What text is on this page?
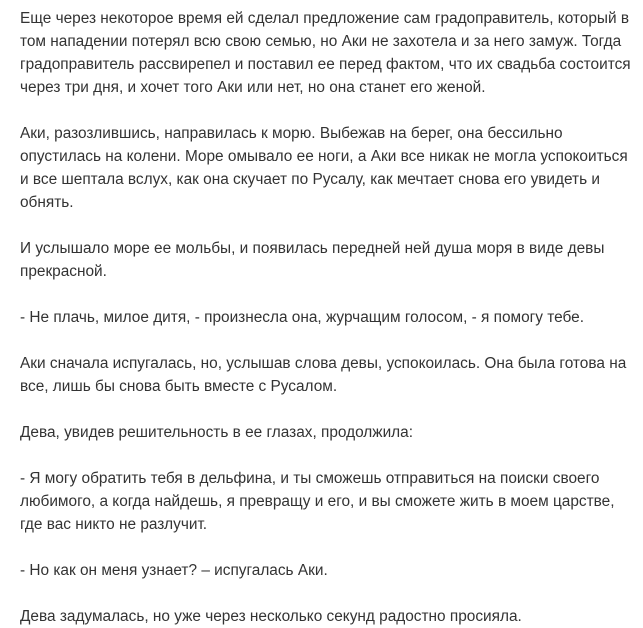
Еще через некоторое время ей сделал предложение сам градоправитель, который в том нападении потерял всю свою семью, но Аки не захотела и за него замуж. Тогда градоправитель рассвирепел и поставил ее перед фактом, что их свадьба состоится через три дня, и хочет того Аки или нет, но она станет его женой.

Аки, разозлившись, направилась к морю. Выбежав на берег, она бессильно опустилась на колени. Море омывало ее ноги, а Аки все никак не могла успокоиться и все шептала вслух, как она скучает по Русалу, как мечтает снова его увидеть и обнять.

И услышало море ее мольбы, и появилась передней ней душа моря в виде девы прекрасной.

- Не плачь, милое дитя, - произнесла она, журчащим голосом, - я помогу тебе.

Аки сначала испугалась, но, услышав слова девы, успокоилась. Она была готова на все, лишь бы снова быть вместе с Русалом.

Дева, увидев решительность в ее глазах, продолжила:

- Я могу обратить тебя в дельфина, и ты сможешь отправиться на поиски своего любимого, а когда найдешь, я превращу и его, и вы сможете жить в моем царстве, где вас никто не разлучит.

- Но как он меня узнает? – испугалась Аки.

Дева задумалась, но уже через несколько секунд радостно просияла.
